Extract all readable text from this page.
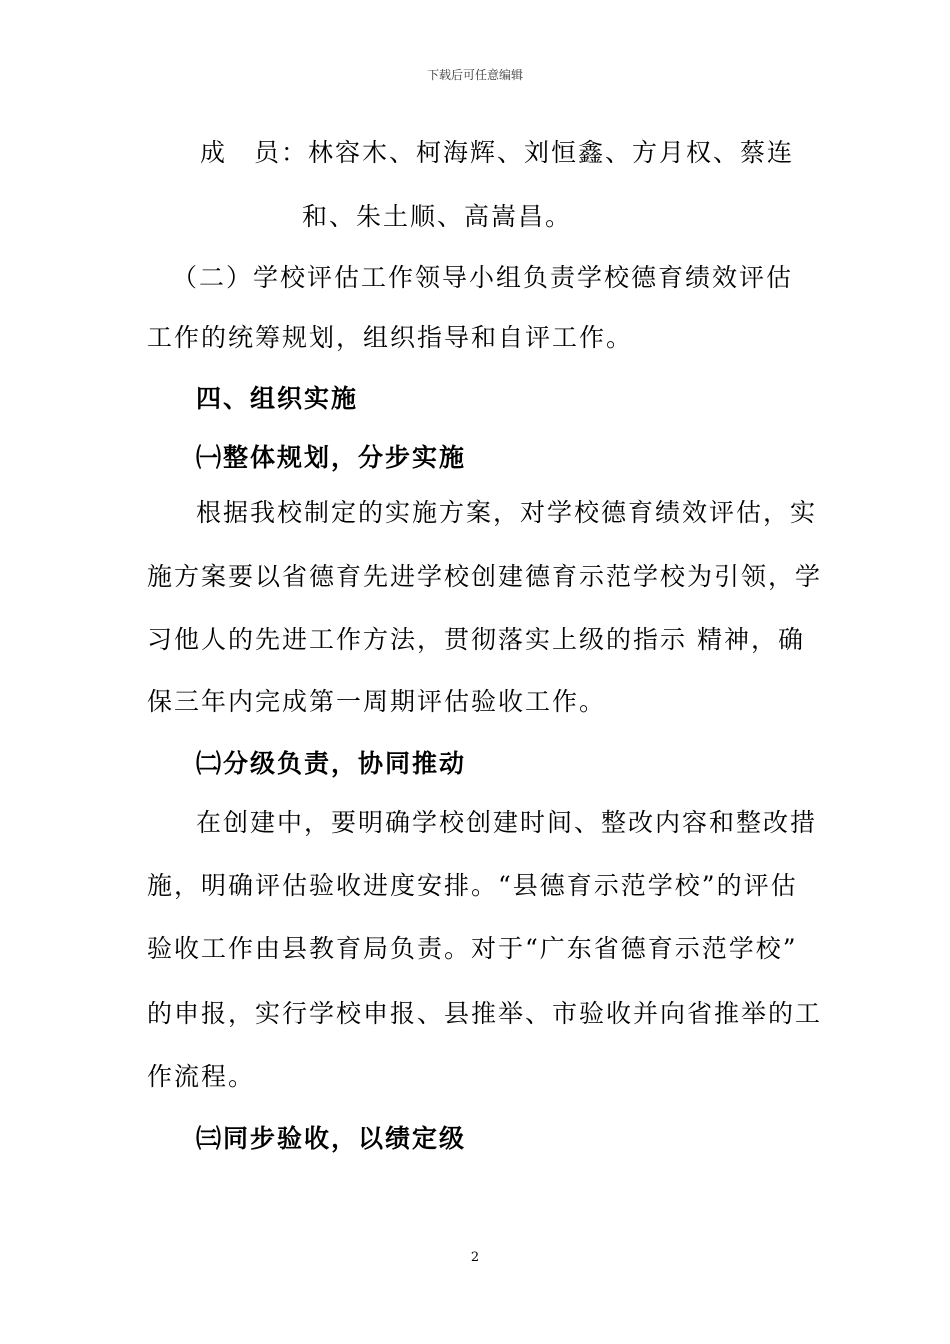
下载后可任意编辑
成　员：林容木、柯海辉、刘恒鑫、方月权、蔡连
和、朱土顺、高嵩昌。
（二）学校评估工作领导小组负责学校德育绩效评估
工作的统筹规划，组织指导和自评工作。
四、组织实施
㈠整体规划，分步实施
根据我校制定的实施方案，对学校德育绩效评估，实
施方案要以省德育先进学校创建德育示范学校为引领，学
习他人的先进工作方法，贯彻落实上级的指示 精神，确
保三年内完成第一周期评估验收工作。
㈡分级负责，协同推动
在创建中，要明确学校创建时间、整改内容和整改措
施，明确评估验收进度安排。“县德育示范学校”的评估
验收工作由县教育局负责。对于“广东省德育示范学校”
的申报，实行学校申报、县推举、市验收并向省推举的工
作流程。
㈢同步验收，以绩定级
2
